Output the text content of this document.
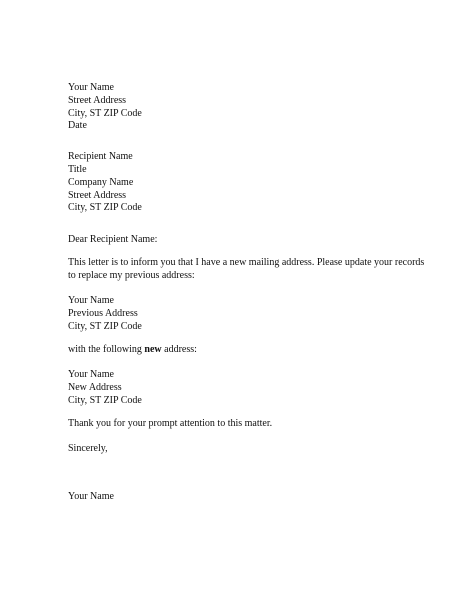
Your Name
Street Address
City, ST ZIP Code
Date
Recipient Name
Title
Company Name
Street Address
City, ST ZIP Code
Dear Recipient Name:
This letter is to inform you that I have a new mailing address. Please update your records
to replace my previous address:
Your Name
Previous Address
City, ST ZIP Code
with the following new address:
Your Name
New Address
City, ST ZIP Code
Thank you for your prompt attention to this matter.
Sincerely,
Your Name
